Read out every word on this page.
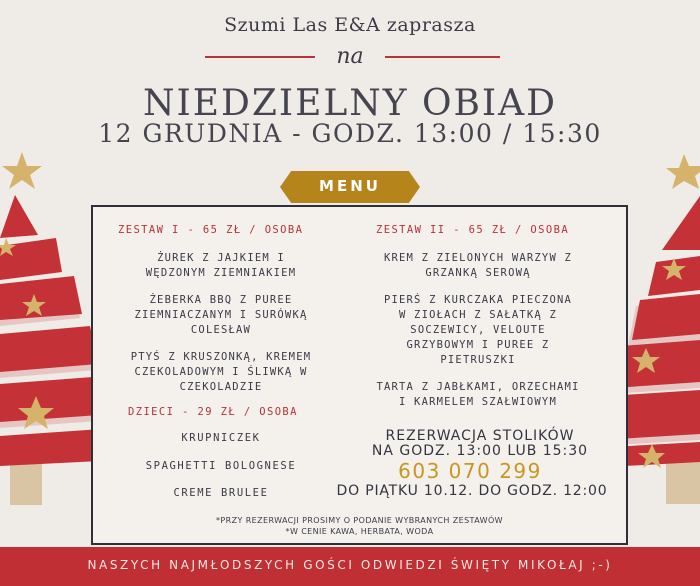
Szumi Las E&A zaprasza
na
NIEDZIELNY OBIAD
12 GRUDNIA - GODZ. 13:00 / 15:30
MENU
ZESTAW I - 65 ZŁ / OSOBA
ŻUREK Z JAJKIEM I
WĘDZONYM ZIEMNIAKIEM
ŻEBERKA BBQ Z PUREE
ZIEMNIACZANYM I SURÓWKĄ
COLESŁAW
PTYŚ Z KRUSZONKĄ, KREMEM
CZEKOLADOWYM I ŚLIWKĄ W
CZEKOLADZIE
ZESTAW II - 65 ZŁ / OSOBA
KREM Z ZIELONYCH WARZYW Z
GRZANKĄ SEROWĄ
PIERŚ Z KURCZAKA PIECZONA
W ZIOŁACH Z SAŁATKĄ Z
SOCZEWICY, VELOUTE
GRZYBOWYM I PUREE Z
PIETRUSZKI
TARTA Z JABŁKAMI, ORZECHAMI
I KARMELEM SZAŁWIOWYM
DZIECI - 29 ZŁ / OSOBA
KRUPNICZEK
SPAGHETTI BOLOGNESE
CREME BRULEE
REZERWACJA STOLIKÓW
NA GODZ. 13:00 LUB 15:30
603 070 299
DO PIĄTKU 10.12. DO GODZ. 12:00
*PRZY REZERWACJI PROSIMY O PODANIE WYBRANYCH ZESTAWÓW
*W CENIE KAWA, HERBATA, WODA
NASZYCH NAJMŁODSZYCH GOŚCI ODWIEDZI ŚWIĘTY MIKOŁAJ ;-)
